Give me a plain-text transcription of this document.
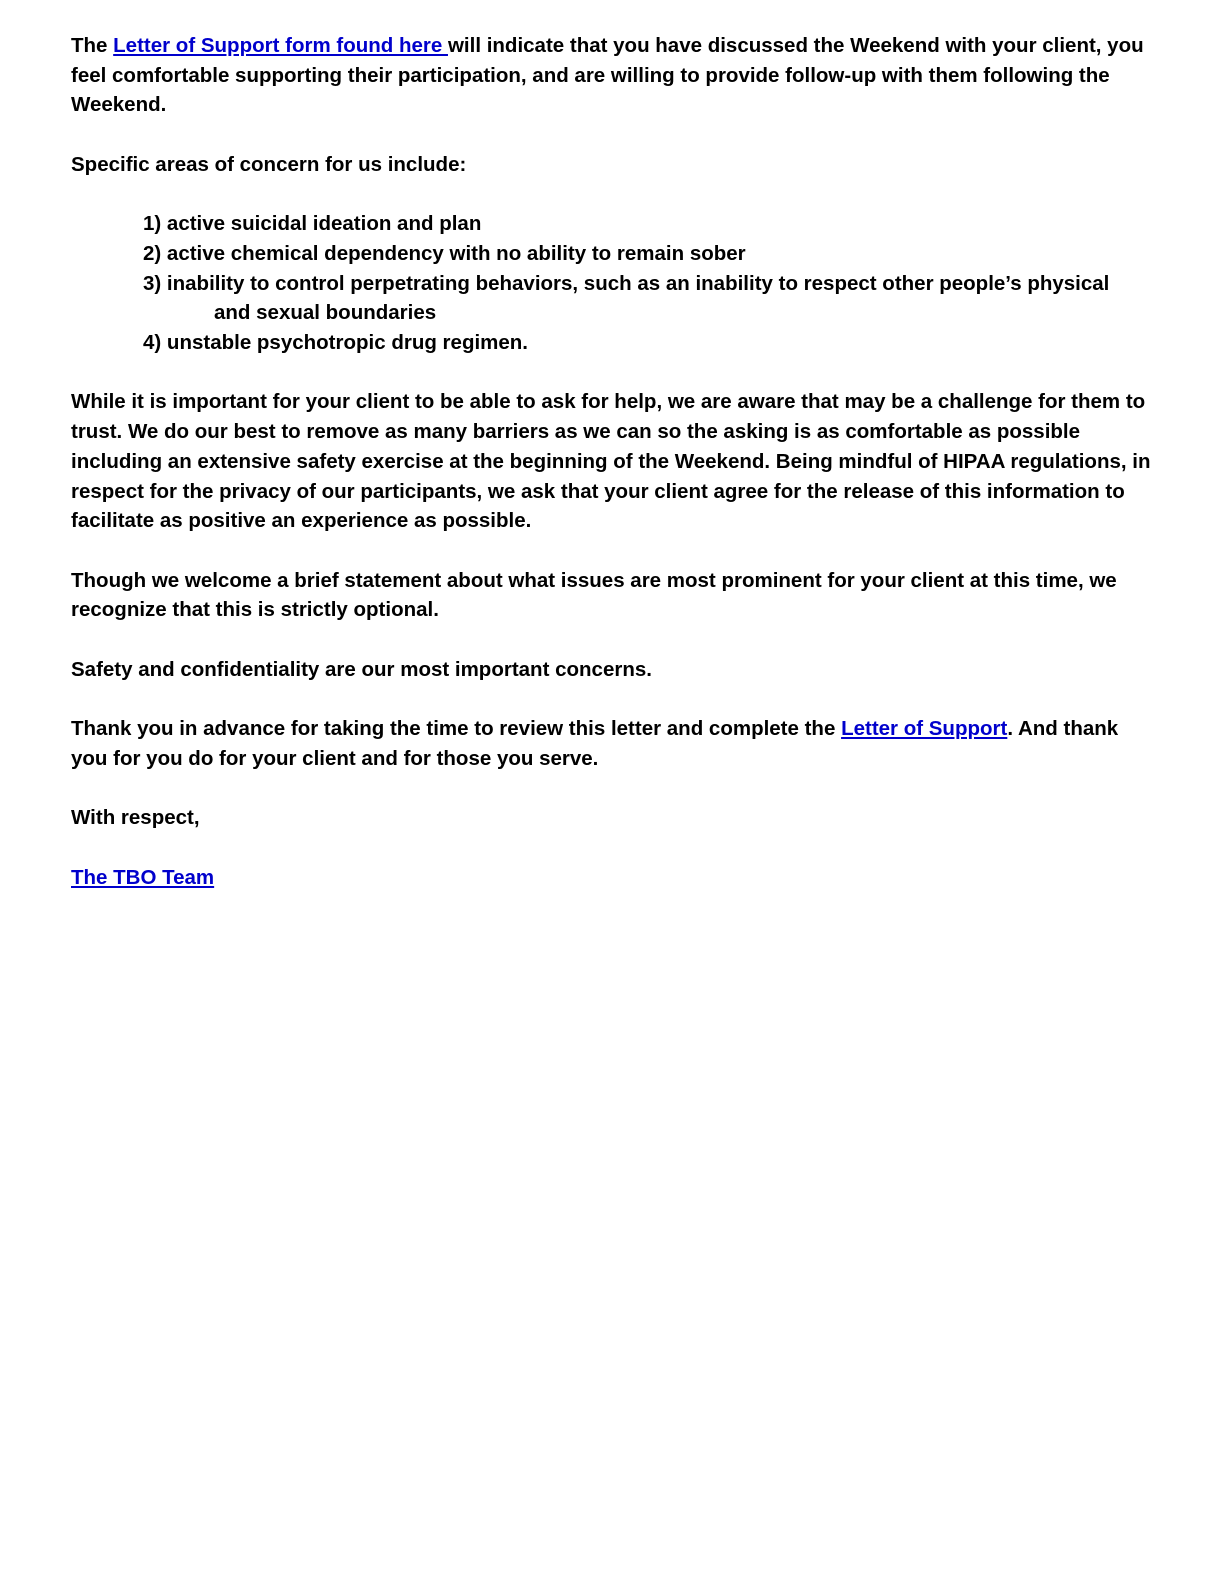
The Letter of Support form found here will indicate that you have discussed the Weekend with your client, you feel comfortable supporting their participation, and are willing to provide follow-up with them following the Weekend.

Specific areas of concern for us include:

1) active suicidal ideation and plan
2) active chemical dependency with no ability to remain sober
3) inability to control perpetrating behaviors, such as an inability to respect other people’s physical
and sexual boundaries
4) unstable psychotropic drug regimen.

While it is important for your client to be able to ask for help, we are aware that may be a challenge for them to trust. We do our best to remove as many barriers as we can so the asking is as comfortable as possible including an extensive safety exercise at the beginning of the Weekend. Being mindful of HIPAA regulations, in respect for the privacy of our participants, we ask that your client agree for the release of this information to facilitate as positive an experience as possible.

Though we welcome a brief statement about what issues are most prominent for your client at this time, we recognize that this is strictly optional.

Safety and confidentiality are our most important concerns.

Thank you in advance for taking the time to review this letter and complete the Letter of Support. And thank you for you do for your client and for those you serve.

With respect,

The TBO Team
